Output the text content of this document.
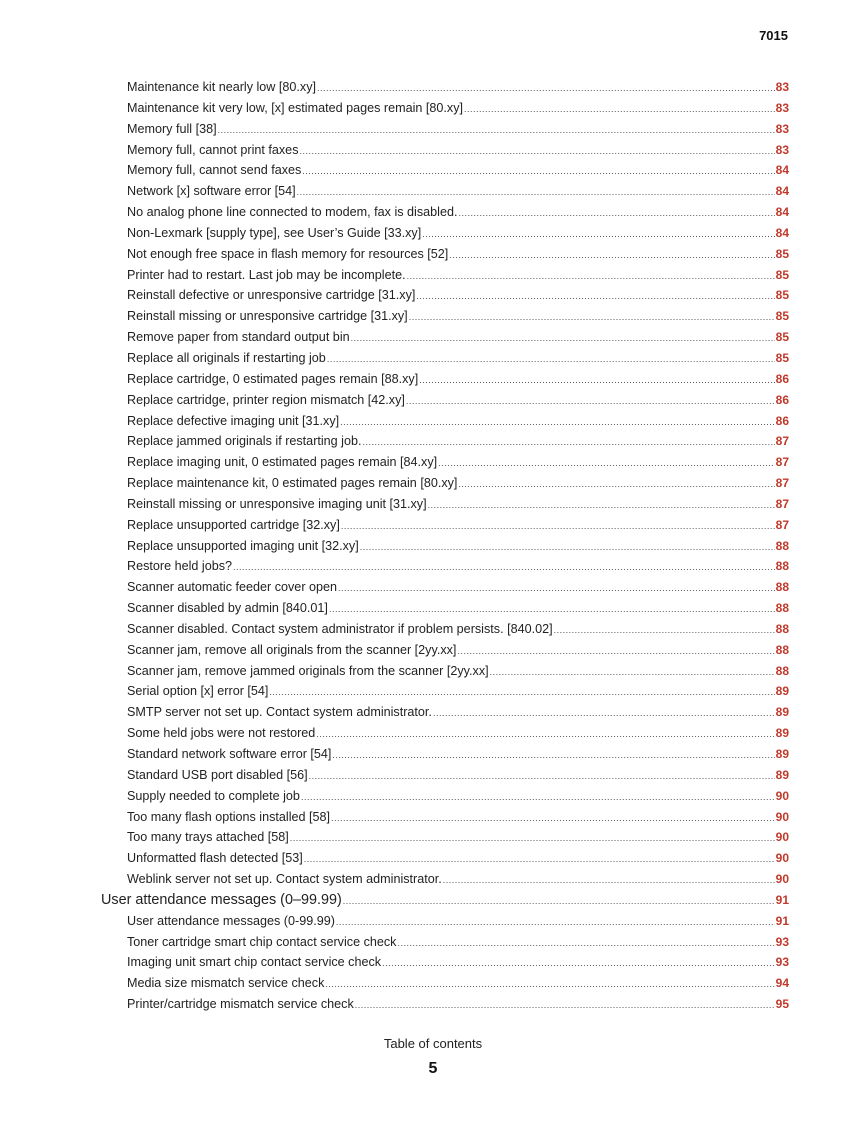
7015
Maintenance kit nearly low [80.xy] .....	83
Maintenance kit very low, [x] estimated pages remain [80.xy] .....	83
Memory full [38] .....	83
Memory full, cannot print faxes .....	83
Memory full, cannot send faxes .....	84
Network [x] software error [54] .....	84
No analog phone line connected to modem, fax is disabled. .....	84
Non-Lexmark [supply type], see User’s Guide [33.xy] .....	84
Not enough free space in flash memory for resources [52] .....	85
Printer had to restart. Last job may be incomplete. .....	85
Reinstall defective or unresponsive cartridge [31.xy] .....	85
Reinstall missing or unresponsive cartridge [31.xy] .....	85
Remove paper from standard output bin .....	85
Replace all originals if restarting job .....	85
Replace cartridge, 0 estimated pages remain [88.xy] .....	86
Replace cartridge, printer region mismatch [42.xy] .....	86
Replace defective imaging unit [31.xy] .....	86
Replace jammed originals if restarting job. .....	87
Replace imaging unit, 0 estimated pages remain [84.xy] .....	87
Replace maintenance kit, 0 estimated pages remain [80.xy] .....	87
Reinstall missing or unresponsive imaging unit [31.xy] .....	87
Replace unsupported cartridge [32.xy] .....	87
Replace unsupported imaging unit [32.xy] .....	88
Restore held jobs? .....	88
Scanner automatic feeder cover open .....	88
Scanner disabled by admin [840.01] .....	88
Scanner disabled. Contact system administrator if problem persists. [840.02] .....	88
Scanner jam, remove all originals from the scanner [2yy.xx] .....	88
Scanner jam, remove jammed originals from the scanner [2yy.xx] .....	88
Serial option [x] error [54] .....	89
SMTP server not set up. Contact system administrator. .....	89
Some held jobs were not restored .....	89
Standard network software error [54] .....	89
Standard USB port disabled [56] .....	89
Supply needed to complete job .....	90
Too many flash options installed [58] .....	90
Too many trays attached [58] .....	90
Unformatted flash detected [53] .....	90
Weblink server not set up. Contact system administrator. .....	90
User attendance messages (0–99.99) .....	91
User attendance messages (0-99.99) .....	91
Toner cartridge smart chip contact service check .....	93
Imaging unit smart chip contact service check .....	93
Media size mismatch service check .....	94
Printer/cartridge mismatch service check .....	95
Table of contents
5
